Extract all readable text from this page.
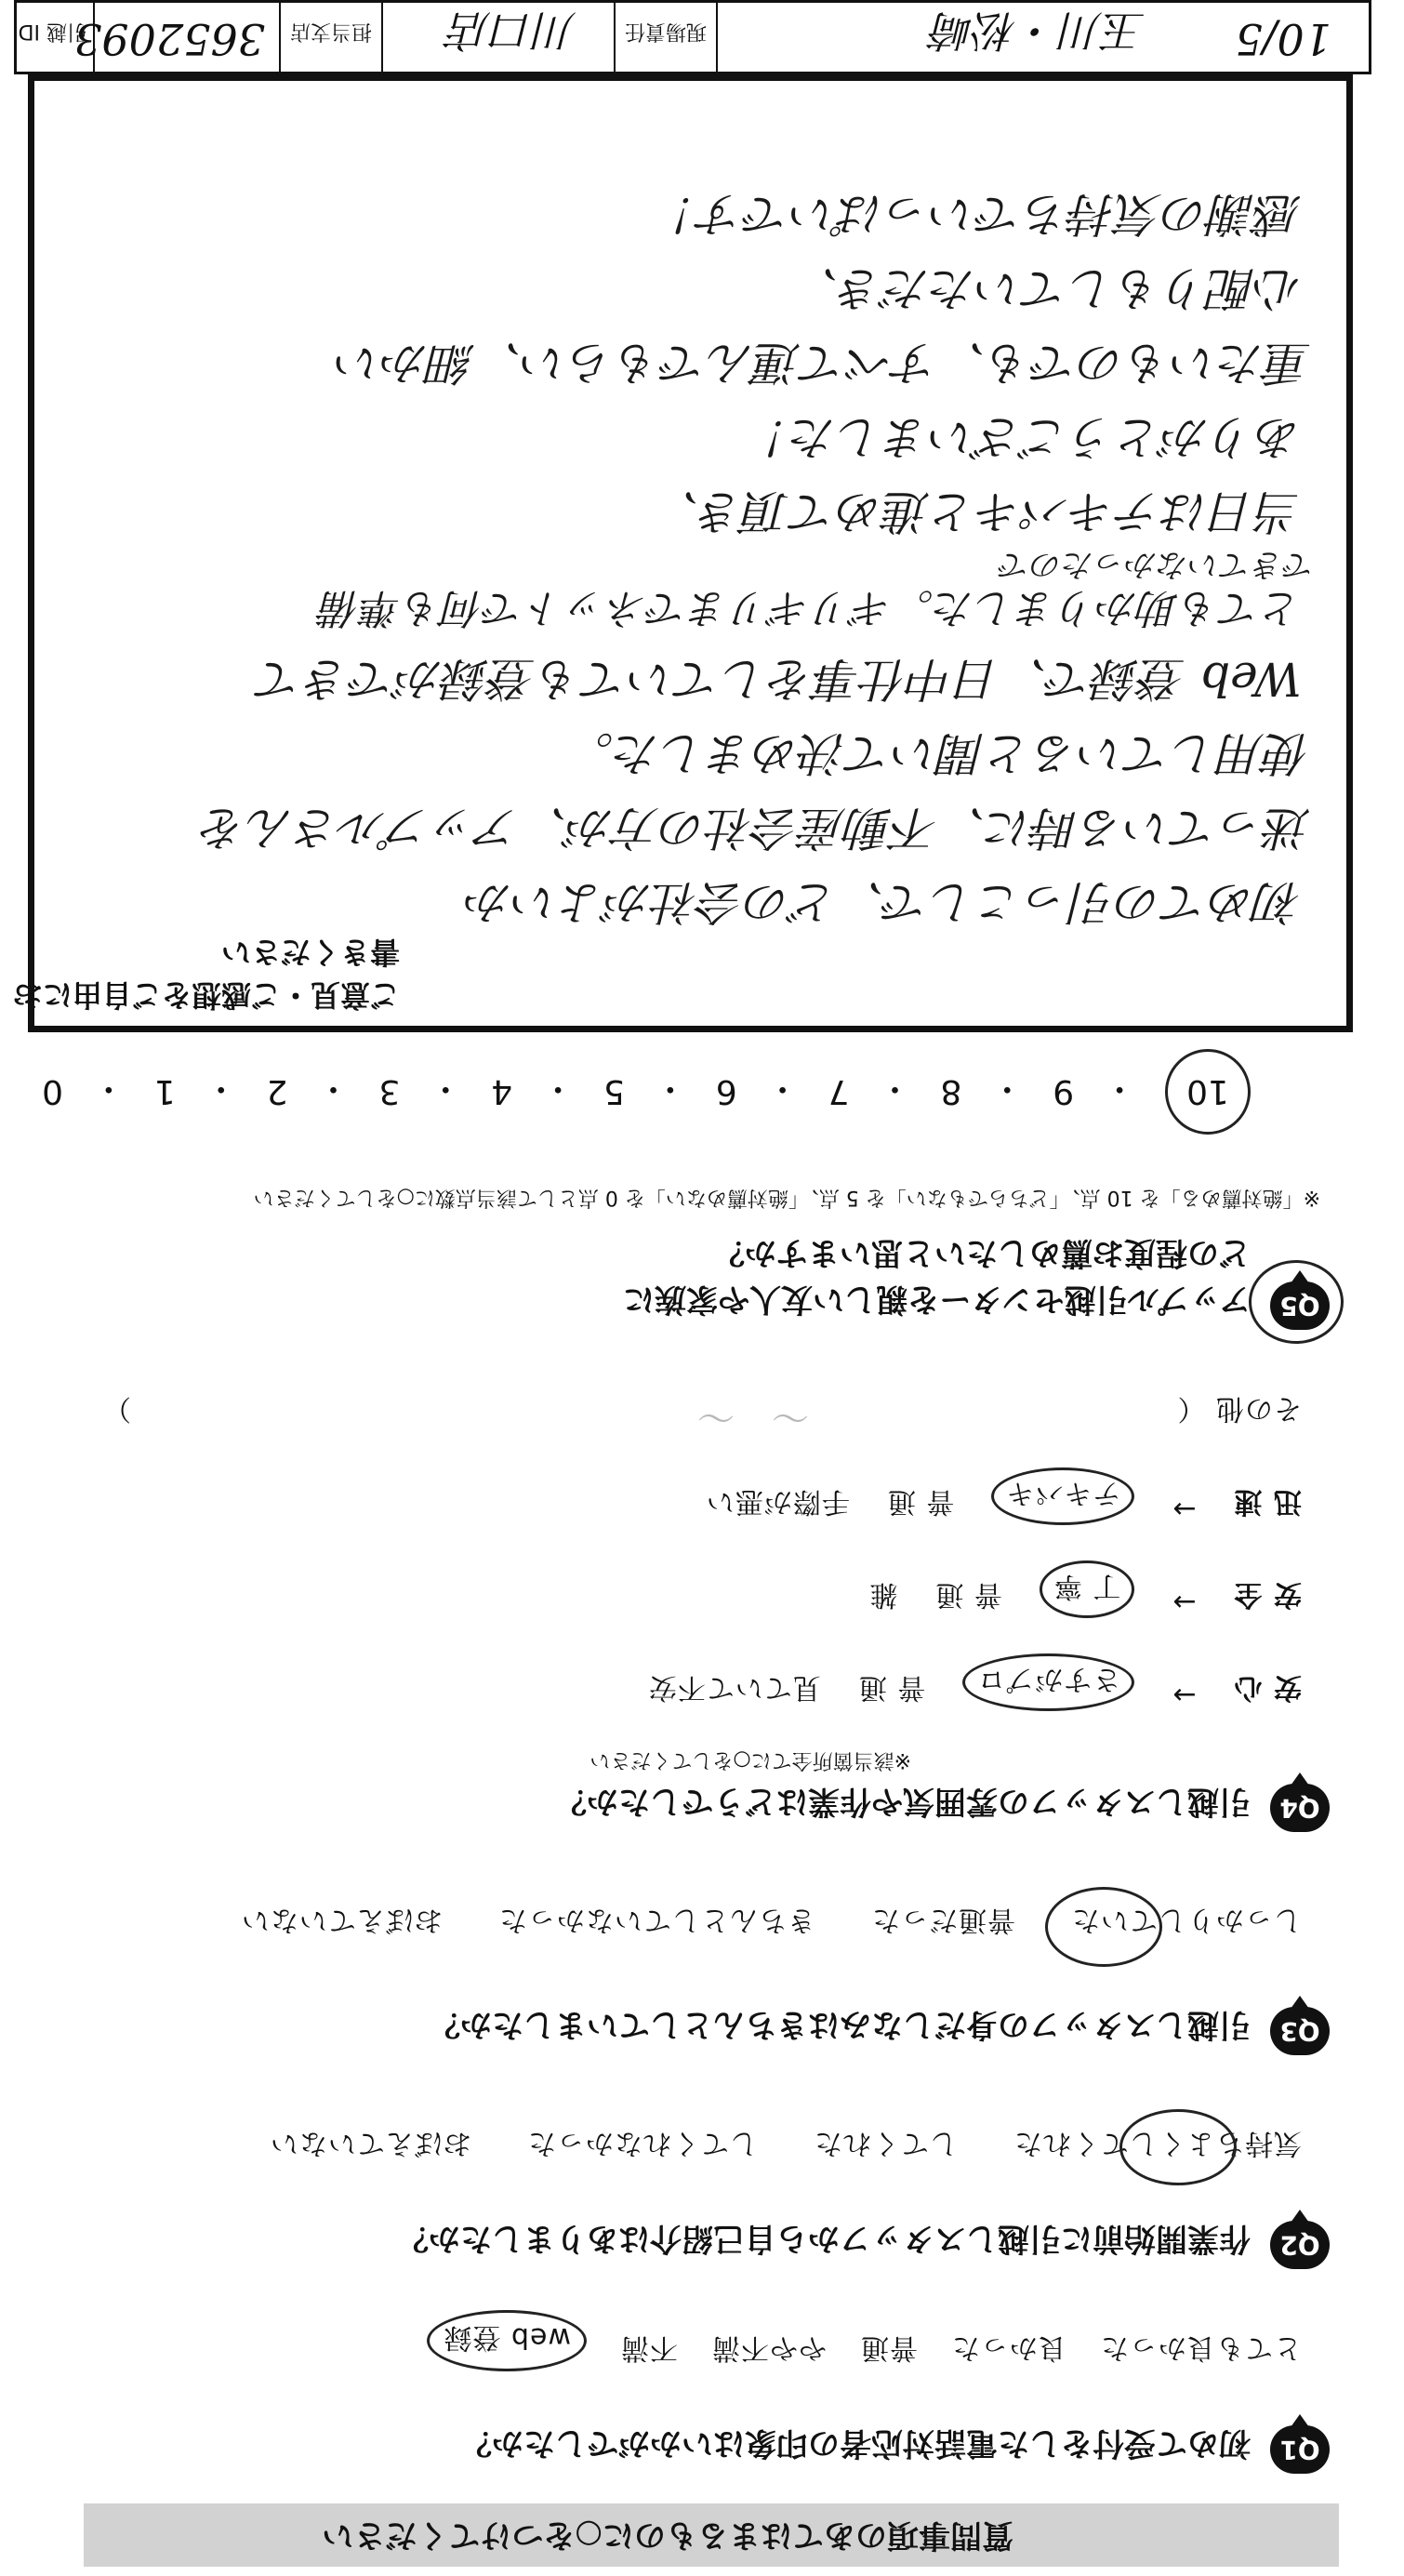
質問事項のあてはまるものに○をつけてください
Q1
初めて受付をした電話対応者の印象はいかがでしたか？
とても良かった
良かった
普通
やや不満
不満
web 登録
Q2
作業開始前に引越しスタッフから自己紹介はありましたか？
気持ちよくしてくれた
してくれた
してくれなかった
おぼえていない
Q3
引越しスタッフの身だしなみはきちんとしていましたか？
しっかりしていた
普通だった
きちんとしていなかった
おぼえていない
Q4
引越しスタッフの雰囲気や作業はどうでしたか？
※該当箇所全てに○をしてください
安 心
→
さすがプロ
普 通
見ていて不安
安 全
→
丁 寧
普 通
雑
迅 速
→
テキパキ
普 通
手際が悪い
その他 （
）	〜　〜
Q5
アップル引越センターを親しい友人や家族に
どの程度お薦めしたいと思いますか？
※「絶対薦める」を 10 点、「どちらでもない」を 5 点、「絶対薦めない」を 0 点として該当点数に○をしてください
10
・
9
・
8
・
7
・
6
・
5
・
4
・
3
・
2
・
1
・
0
ご意見・ご感想をご自由にお書きください
初めての引っこしで、どの会社がよいか
迷っている時に、不動産会社の方が、アップルさんを
使用していると聞いて決めました。
Web 登録で、日中仕事をしていても登録ができて
とても助かりました。ギリギリまでネットで何も準備
できていなかったので
当日はテキパキと進めて頂き、
ありがとうございました！
重たいものでも、すべて運んでもらい、細かい
心配りもしていただき、
感謝の気持ちでいっぱいです！
10/5
玉川・松崎
現場責任
川口店
担当支店
3652093
引越 ID
